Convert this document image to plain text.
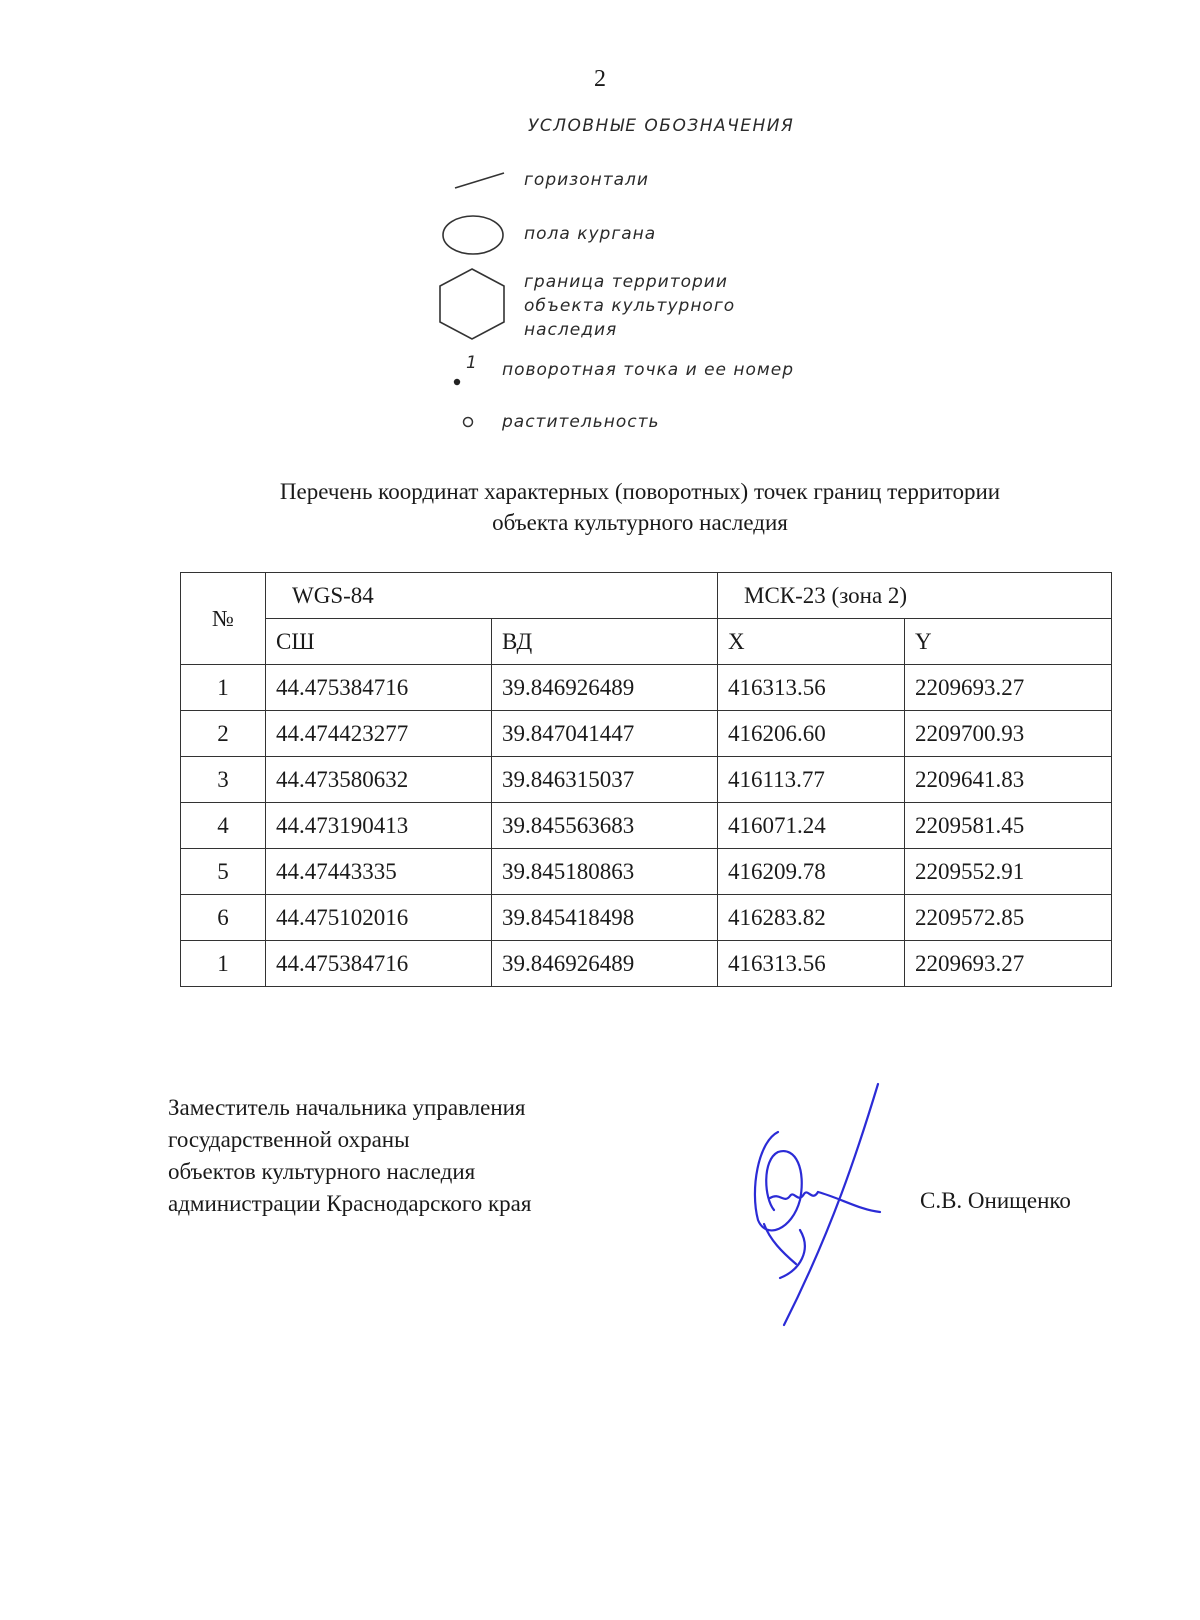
2
УСЛОВНЫЕ ОБОЗНАЧЕНИЯ
горизонтали
пола кургана
граница территории
объекта культурного
наследия
1 поворотная точка и ее номер
растительность
Перечень координат характерных (поворотных) точек границ территории
объекта культурного наследия
№	WGS-84		МСК-23 (зона 2)	
	СШ	ВД	X	Y
1	44.475384716	39.846926489	416313.56	2209693.27
2	44.474423277	39.847041447	416206.60	2209700.93
3	44.473580632	39.846315037	416113.77	2209641.83
4	44.473190413	39.845563683	416071.24	2209581.45
5	44.47443335	39.845180863	416209.78	2209552.91
6	44.475102016	39.845418498	416283.82	2209572.85
1	44.475384716	39.846926489	416313.56	2209693.27
Заместитель начальника управления
государственной охраны
объектов культурного наследия
администрации Краснодарского края	С.В. Онищенко
